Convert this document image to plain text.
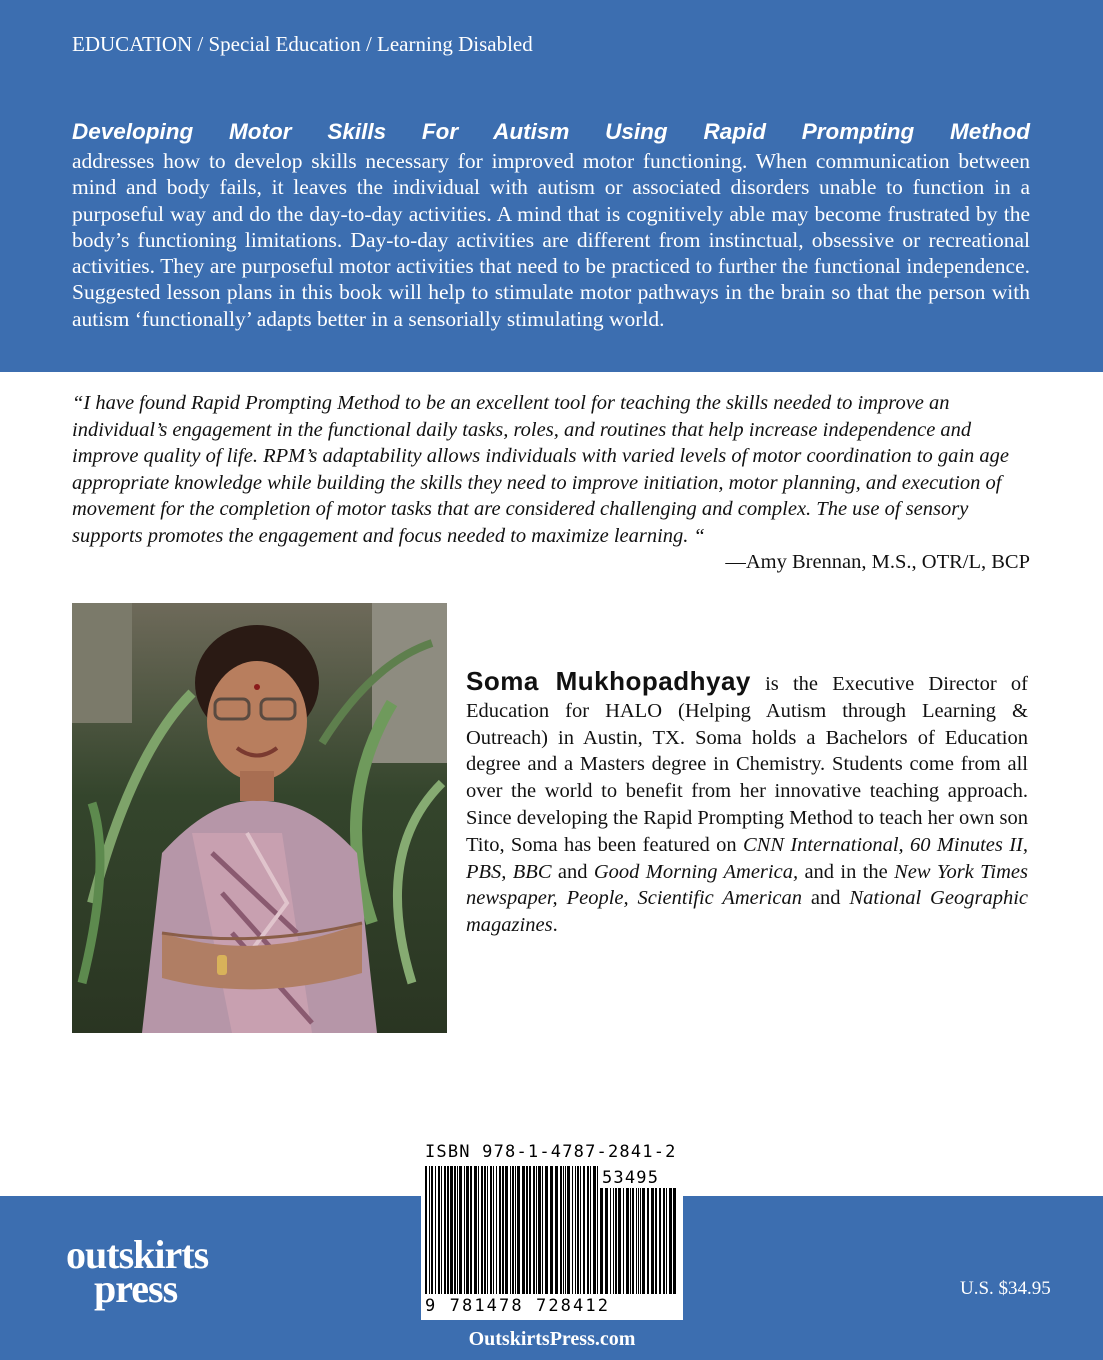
EDUCATION / Special Education / Learning Disabled
Developing Motor Skills For Autism Using Rapid Prompting Method
addresses how to develop skills necessary for improved motor functioning. When communication between mind and body fails, it leaves the individual with autism or associated disorders unable to function in a purposeful way and do the day-to-day activities. A mind that is cognitively able may become frustrated by the body’s functioning limitations. Day-to-day activities are different from instinctual, obsessive or recreational activities. They are purposeful motor activities that need to be practiced to further the functional independence. Suggested lesson plans in this book will help to stimulate motor pathways in the brain so that the person with autism ‘functionally’ adapts better in a sensorially stimulating world.
“I have found Rapid Prompting Method to be an excellent tool for teaching the skills needed to improve an individual’s engagement in the functional daily tasks, roles, and routines that help increase independence and improve quality of life. RPM’s adaptability allows individuals with varied levels of motor coordination to gain age appropriate knowledge while building the skills they need to improve initiation, motor planning, and execution of movement for the completion of motor tasks that are considered challenging and complex. The use of sensory supports promotes the engagement and focus needed to maximize learning. “
—Amy Brennan, M.S., OTR/L, BCP
Soma Mukhopadhyay is the Executive Director of Education for HALO (Helping Autism through Learning & Outreach) in Austin, TX. Soma holds a Bachelors of Education degree and a Masters degree in Chemistry. Students come from all over the world to benefit from her innovative teaching approach. Since developing the Rapid Prompting Method to teach her own son Tito, Soma has been featured on CNN International, 60 Minutes II, PBS, BBC and Good Morning America, and in the New York Times newspaper, People, Scientific American and National Geographic magazines.
outskirts
press	U.S. $34.95
ISBN 978-1-4787-2841-2
53495
9 781478 728412
OutskirtsPress.com
